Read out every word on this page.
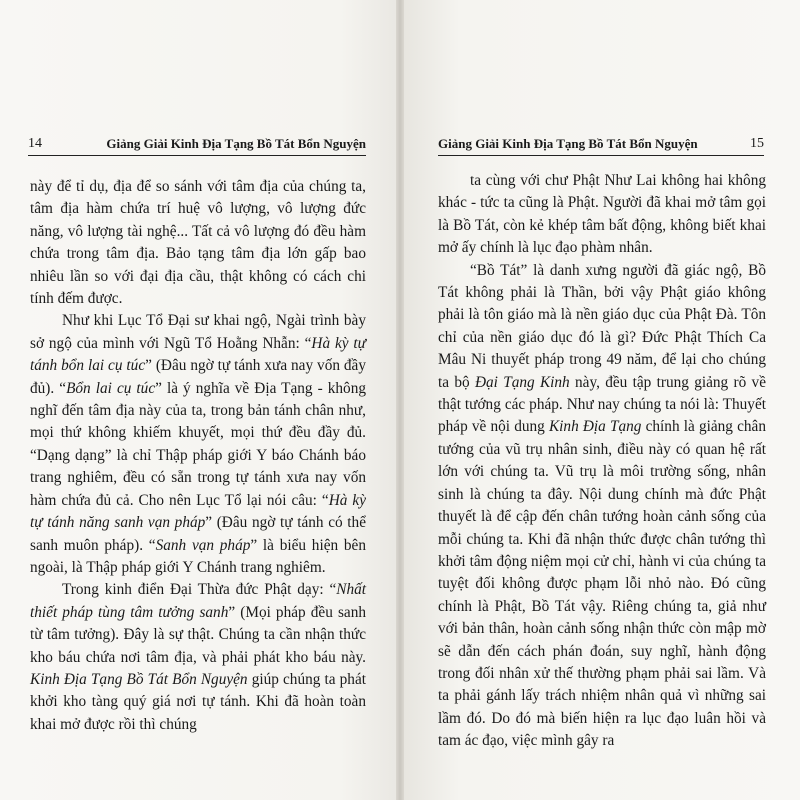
14	Giảng Giải Kinh Địa Tạng Bồ Tát Bổn Nguyện

này để tỉ dụ, địa để so sánh với tâm địa của chúng ta, tâm địa hàm chứa trí huệ vô lượng, vô lượng đức năng, vô lượng tài nghệ... Tất cả vô lượng đó đều hàm chứa trong tâm địa. Bảo tạng tâm địa lớn gấp bao nhiêu lần so với đại địa cầu, thật không có cách chi tính đếm được.

Như khi Lục Tổ Đại sư khai ngộ, Ngài trình bày sở ngộ của mình với Ngũ Tổ Hoằng Nhẫn: “Hà kỳ tự tánh bổn lai cụ túc” (Đâu ngờ tự tánh xưa nay vốn đầy đủ). “Bổn lai cụ túc” là ý nghĩa về Địa Tạng - không nghĩ đến tâm địa này của ta, trong bản tánh chân như, mọi thứ không khiếm khuyết, mọi thứ đều đầy đủ. “Dạng dạng” là chỉ Thập pháp giới Y báo Chánh báo trang nghiêm, đều có sẵn trong tự tánh xưa nay vốn hàm chứa đủ cả. Cho nên Lục Tổ lại nói câu: “Hà kỳ tự tánh năng sanh vạn pháp” (Đâu ngờ tự tánh có thể sanh muôn pháp). “Sanh vạn pháp” là biểu hiện bên ngoài, là Thập pháp giới Y Chánh trang nghiêm.

Trong kinh điển Đại Thừa đức Phật dạy: “Nhất thiết pháp tùng tâm tưởng sanh” (Mọi pháp đều sanh từ tâm tưởng). Đây là sự thật. Chúng ta cần nhận thức kho báu chứa nơi tâm địa, và phải phát kho báu này. Kinh Địa Tạng Bồ Tát Bổn Nguyện giúp chúng ta phát khởi kho tàng quý giá nơi tự tánh. Khi đã hoàn toàn khai mở được rồi thì chúng

Giảng Giải Kinh Địa Tạng Bồ Tát Bổn Nguyện	15

ta cùng với chư Phật Như Lai không hai không khác - tức ta cũng là Phật. Người đã khai mở tâm gọi là Bồ Tát, còn kẻ khép tâm bất động, không biết khai mở ấy chính là lục đạo phàm nhân.

“Bồ Tát” là danh xưng người đã giác ngộ, Bồ Tát không phải là Thần, bởi vậy Phật giáo không phải là tôn giáo mà là nền giáo dục của Phật Đà. Tôn chỉ của nền giáo dục đó là gì? Đức Phật Thích Ca Mâu Ni thuyết pháp trong 49 năm, để lại cho chúng ta bộ Đại Tạng Kinh này, đều tập trung giảng rõ về thật tướng các pháp. Như nay chúng ta nói là: Thuyết pháp về nội dung Kinh Địa Tạng chính là giảng chân tướng của vũ trụ nhân sinh, điều này có quan hệ rất lớn với chúng ta. Vũ trụ là môi trường sống, nhân sinh là chúng ta đây. Nội dung chính mà đức Phật thuyết là để cập đến chân tướng hoàn cảnh sống của mỗi chúng ta. Khi đã nhận thức được chân tướng thì khởi tâm động niệm mọi cử chỉ, hành vi của chúng ta tuyệt đối không được phạm lỗi nhỏ nào. Đó cũng chính là Phật, Bồ Tát vậy. Riêng chúng ta, giả như với bản thân, hoàn cảnh sống nhận thức còn mập mờ sẽ dẫn đến cách phán đoán, suy nghĩ, hành động trong đối nhân xử thế thường phạm phải sai lầm. Và ta phải gánh lấy trách nhiệm nhân quả vì những sai lầm đó. Do đó mà biến hiện ra lục đạo luân hồi và tam ác đạo, việc mình gây ra
